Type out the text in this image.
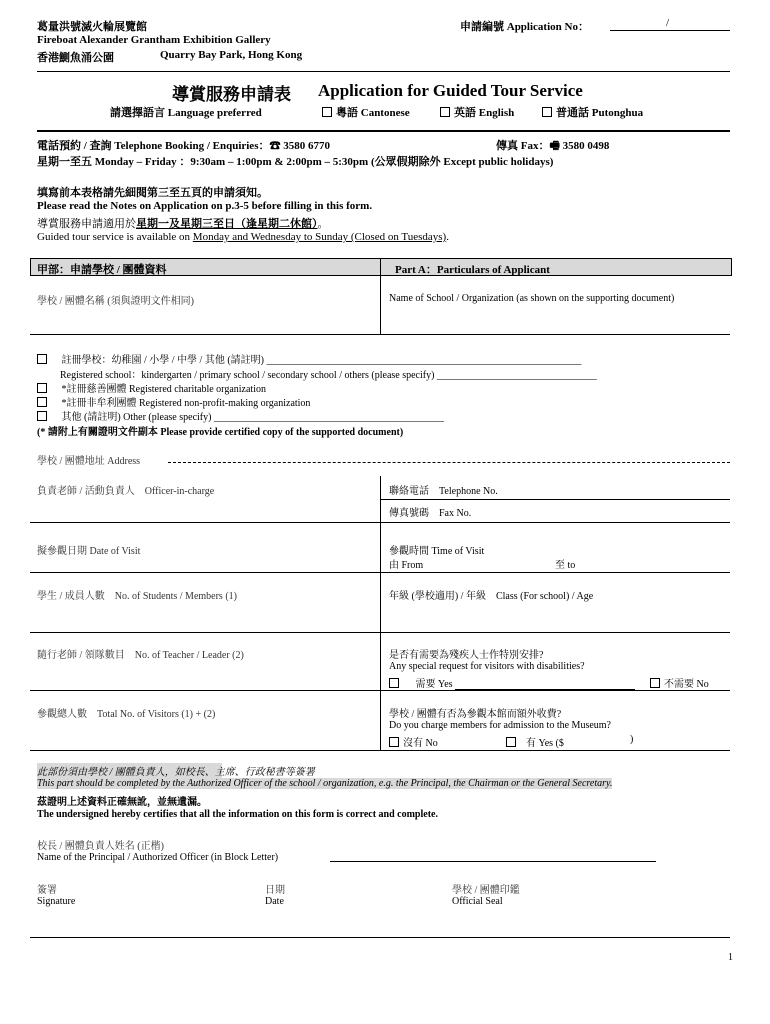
葛量洪號滅火輪展覽館
Fireboat Alexander Grantham Exhibition Gallery
香港鰂魚涌公園	Quarry Bay Park, Hong Kong
申請編號 Application No：	/
導賞服務申請表 Application for Guided Tour Service
請選擇語言 Language preferred	粵語 Cantonese	英語 English	普通話 Putonghua
電話預約 / 查詢 Telephone Booking / Enquiries：☎ 3580 6770	傳真 Fax：🖷 3580 0498
星期一至五 Monday – Friday ：9:30am – 1:00pm & 2:00pm – 5:30pm (公眾假期除外 Except public holidays)
填寫前本表格請先細閱第三至五頁的申請須知。
Please read the Notes on Application on p.3-5 before filling in this form.
導賞服務申請適用於星期一及星期三至日（逢星期二休館）。
Guided tour service is available on Monday and Wednesday to Sunday (Closed on Tuesdays).
甲部：申請學校 / 團體資料	Part A：Particulars of Applicant
學校 / 團體名稱 (須與證明文件相同)	Name of School / Organization (as shown on the supporting document)
註冊學校：幼稚園 / 小學 / 中學 / 其他 (請註明) _______________________________________________________________
Registered school：kindergarten / primary school / secondary school / others (please specify) ________________________________
*註冊慈善團體 Registered charitable organization
*註冊非牟利團體 Registered non-profit-making organization
其他 (請註明) Other (please specify) ______________________________________________
(* 請附上有關證明文件副本 Please provide certified copy of the supported document)
學校 / 團體地址 Address
負責老師 / 活動負責人　Officer-in-charge	聯絡電話　Telephone No.
傳真號碼　Fax No.
擬參觀日期 Date of Visit	參觀時間 Time of Visit
由 From	至 to
學生 / 成員人數　No. of Students / Members (1)	年級 (學校適用) / 年級　Class (For school) / Age
隨行老師 / 領隊數目　No. of Teacher / Leader (2)	是否有需要為殘疾人士作特別安排?
Any special request for visitors with disabilities?
需要 Yes	不需要 No
參觀總人數　Total No. of Visitors (1) + (2)	學校 / 團體有否為參觀本館而額外收費?
Do you charge members for admission to the Museum?
沒有 No	有 Yes ($	)
此部份須由學校 / 團體負責人，如校長、主席、行政秘書等簽署
This part should be completed by the Authorized Officer of the school / organization, e.g. the Principal, the Chairman or the General Secretary.
茲證明上述資料正確無訛，並無遺漏。
The undersigned hereby certifies that all the information on this form is correct and complete.
校長 / 團體負責人姓名 (正楷)
Name of the Principal / Authorized Officer (in Block Letter)
簽署
Signature
日期
Date
學校 / 團體印鑑
Official Seal
1
